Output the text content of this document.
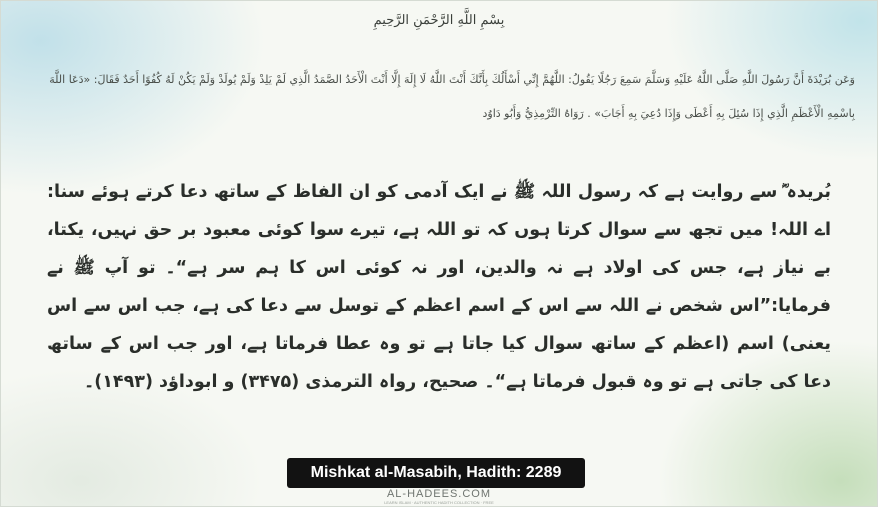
بِسْمِ اللَّهِ الرَّحْمَنِ الرَّحِيمِ
وَعَن بُرَيْدَةَ أَنَّ رَسُولَ اللَّهِ صَلَّى اللَّهُ عَلَيْهِ وَسَلَّمَ سَمِعَ رَجُلًا يَقُولُ: اللَّهُمَّ إِنِّي أَسْأَلُكَ بِأَنَّكَ أَنْتَ اللَّهُ لَا إِلَهَ إِلَّا أَنْتَ الْأَحَدُ الصَّمَدُ الَّذِي لَمْ يَلِدْ وَلَمْ يُولَدْ وَلَمْ يَكُنْ لَهُ كُفُوًا أَحَدٌ فَقَالَ: «دَعَا اللَّهَ بِاسْمِهِ الْأَعْظَمِ الَّذِي إِذَا سُئِلَ بِهِ أَعْطَى وَإِذَا دُعِيَ بِهِ أَجَابَ» . رَوَاهُ التِّرْمِذِيُّ وَأَبُو دَاوُد
بُریدہ ؓ سے روایت ہے کہ رسول اللہ ﷺ نے ایک آدمی کو ان الفاظ کے ساتھ دعا کرتے ہوئے سنا: اے اللہ! میں تجھ سے سوال کرتا ہوں کہ تو اللہ ہے، تیرے سوا کوئی معبود بر حق نہیں، یکتا، بے نیاز ہے، جس کی اولاد ہے نہ والدین، اور نہ کوئی اس کا ہم سر ہے“۔ تو آپ ﷺ نے فرمایا:”اس شخص نے اللہ سے اس کے اسم اعظم کے توسل سے دعا کی ہے، جب اس سے اس یعنی) اسم (اعظم کے ساتھ سوال کیا جاتا ہے تو وہ عطا فرماتا ہے، اور جب اس کے ساتھ دعا کی جاتی ہے تو وہ قبول فرماتا ہے“۔ صحیح، رواہ الترمذی (۳۴۷۵) و ابوداؤد (۱۴۹۳)۔
Mishkat al-Masabih, Hadith: 2289
AL-HADEES.COM
LEARN ISLAM · AUTHENTIC HADITH COLLECTION · FREE
